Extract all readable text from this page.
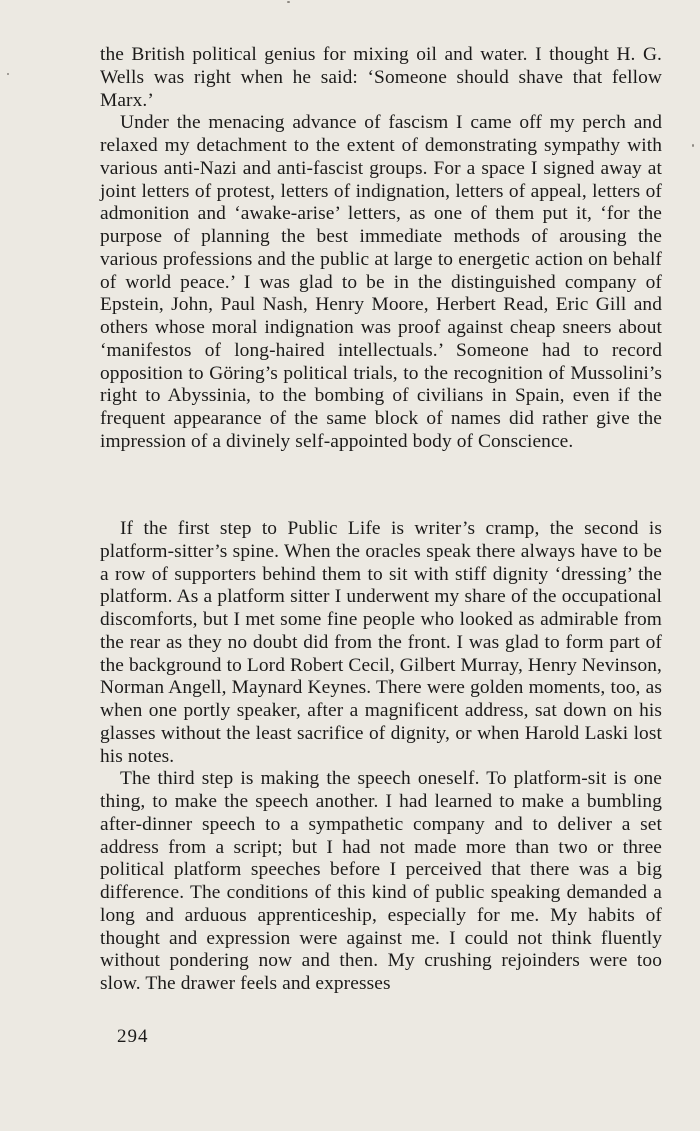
the British political genius for mixing oil and water. I thought H. G. Wells was right when he said: ‘Someone should shave that fellow Marx.’

Under the menacing advance of fascism I came off my perch and relaxed my detachment to the extent of demonstrating sympathy with various anti-Nazi and anti-fascist groups. For a space I signed away at joint letters of protest, letters of indignation, letters of appeal, letters of admonition and ‘awake-arise’ letters, as one of them put it, ‘for the purpose of planning the best immediate methods of arousing the various professions and the public at large to energetic action on behalf of world peace.’ I was glad to be in the distinguished company of Epstein, John, Paul Nash, Henry Moore, Herbert Read, Eric Gill and others whose moral indignation was proof against cheap sneers about ‘manifestos of long-haired intellectuals.’ Someone had to record opposition to Göring’s political trials, to the recognition of Mussolini’s right to Abyssinia, to the bombing of civilians in Spain, even if the frequent appearance of the same block of names did rather give the impression of a divinely self-appointed body of Conscience.

If the first step to Public Life is writer’s cramp, the second is platform-sitter’s spine. When the oracles speak there always have to be a row of supporters behind them to sit with stiff dignity ‘dressing’ the platform. As a platform sitter I underwent my share of the occupational discomforts, but I met some fine people who looked as admirable from the rear as they no doubt did from the front. I was glad to form part of the background to Lord Robert Cecil, Gilbert Murray, Henry Nevinson, Norman Angell, Maynard Keynes. There were golden moments, too, as when one portly speaker, after a magnificent address, sat down on his glasses without the least sacrifice of dignity, or when Harold Laski lost his notes.

The third step is making the speech oneself. To platform-sit is one thing, to make the speech another. I had learned to make a bumbling after-dinner speech to a sympathetic company and to deliver a set address from a script; but I had not made more than two or three political platform speeches before I perceived that there was a big difference. The conditions of this kind of public speaking demanded a long and arduous apprenticeship, especially for me. My habits of thought and expression were against me. I could not think fluently without pondering now and then. My crushing rejoinders were too slow. The drawer feels and expresses

294
